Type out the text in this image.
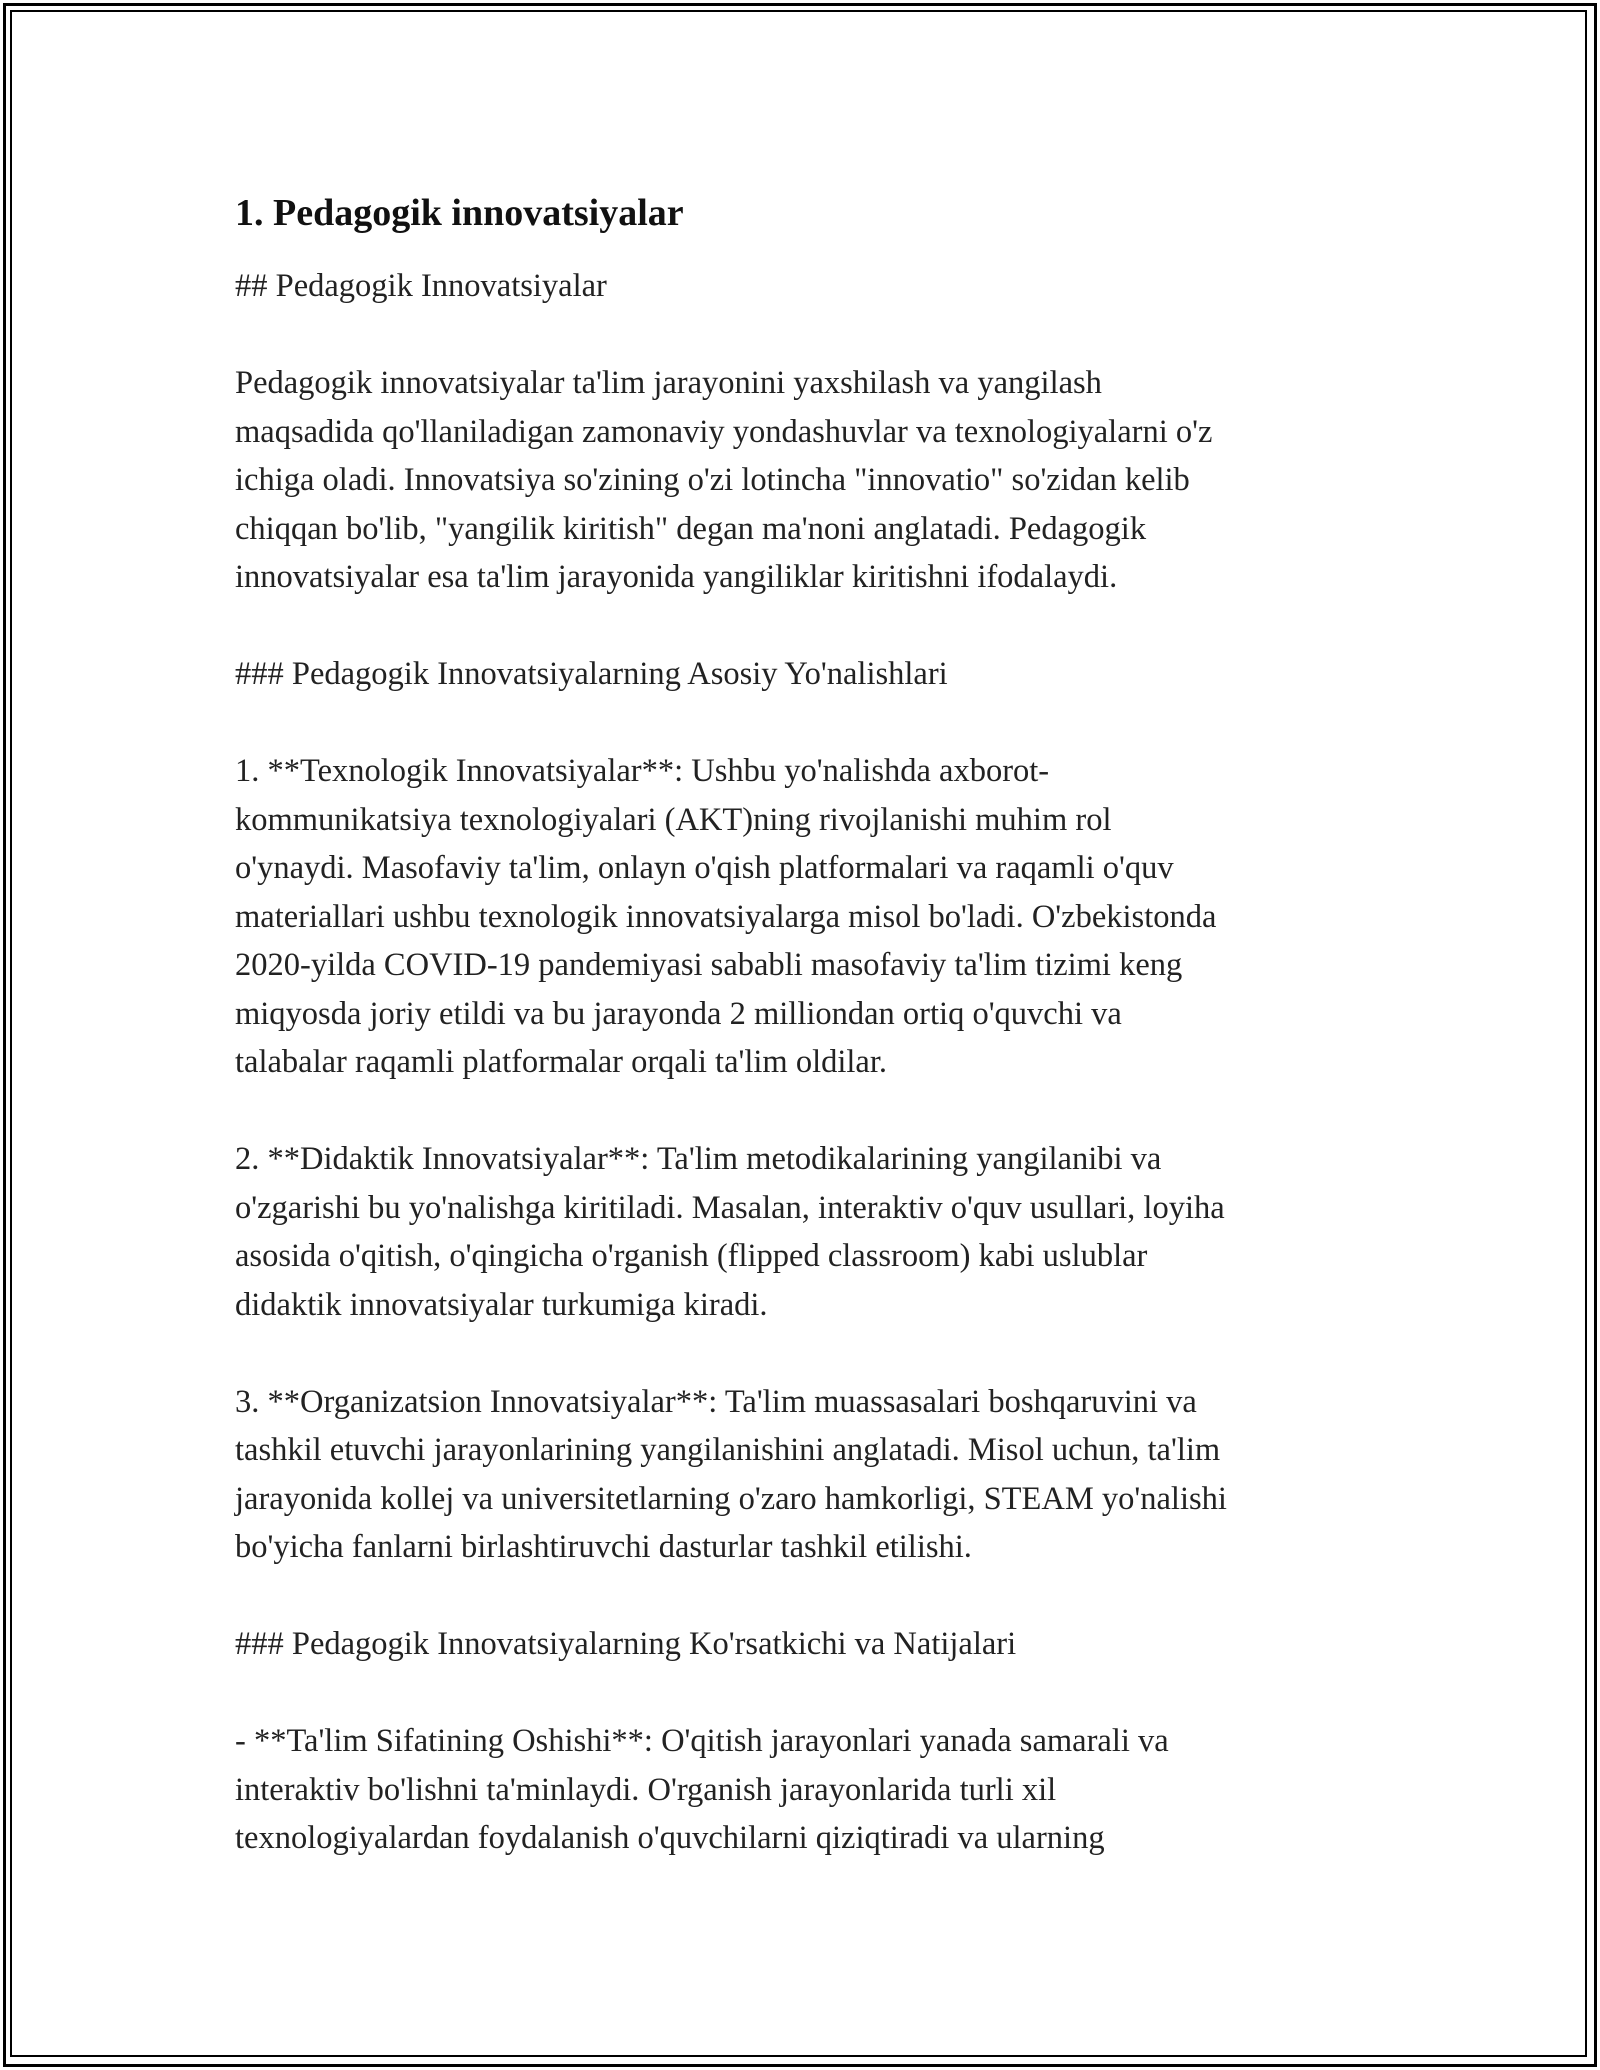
1. Pedagogik innovatsiyalar

## Pedagogik Innovatsiyalar

Pedagogik innovatsiyalar ta'lim jarayonini yaxshilash va yangilash
maqsadida qo'llaniladigan zamonaviy yondashuvlar va texnologiyalarni o'z
ichiga oladi. Innovatsiya so'zining o'zi lotincha "innovatio" so'zidan kelib
chiqqan bo'lib, "yangilik kiritish" degan ma'noni anglatadi. Pedagogik
innovatsiyalar esa ta'lim jarayonida yangiliklar kiritishni ifodalaydi.

### Pedagogik Innovatsiyalarning Asosiy Yo'nalishlari

1. **Texnologik Innovatsiyalar**: Ushbu yo'nalishda axborot-
kommunikatsiya texnologiyalari (AKT)ning rivojlanishi muhim rol
o'ynaydi. Masofaviy ta'lim, onlayn o'qish platformalari va raqamli o'quv
materiallari ushbu texnologik innovatsiyalarga misol bo'ladi. O'zbekistonda
2020-yilda COVID-19 pandemiyasi sababli masofaviy ta'lim tizimi keng
miqyosda joriy etildi va bu jarayonda 2 milliondan ortiq o'quvchi va
talabalar raqamli platformalar orqali ta'lim oldilar.

2. **Didaktik Innovatsiyalar**: Ta'lim metodikalarining yangilanibi va
o'zgarishi bu yo'nalishga kiritiladi. Masalan, interaktiv o'quv usullari, loyiha
asosida o'qitish, o'qingicha o'rganish (flipped classroom) kabi uslublar
didaktik innovatsiyalar turkumiga kiradi.

3. **Organizatsion Innovatsiyalar**: Ta'lim muassasalari boshqaruvini va
tashkil etuvchi jarayonlarining yangilanishini anglatadi. Misol uchun, ta'lim
jarayonida kollej va universitetlarning o'zaro hamkorligi, STEAM yo'nalishi
bo'yicha fanlarni birlashtiruvchi dasturlar tashkil etilishi.

### Pedagogik Innovatsiyalarning Ko'rsatkichi va Natijalari

- **Ta'lim Sifatining Oshishi**: O'qitish jarayonlari yanada samarali va
interaktiv bo'lishni ta'minlaydi. O'rganish jarayonlarida turli xil
texnologiyalardan foydalanish o'quvchilarni qiziqtiradi va ularning
